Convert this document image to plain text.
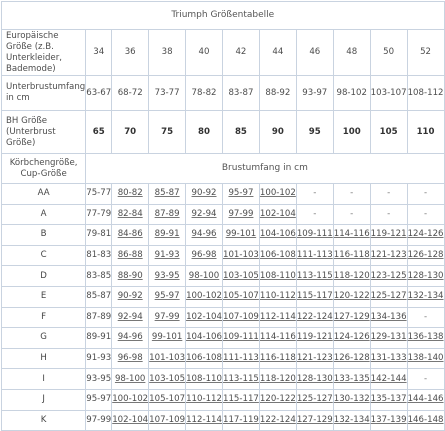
Triumph Größentabelle										
Europäische Größe (z.B. Unterkleider, Bademode)	34	36	38	40	42	44	46	48	50	52
Unterbrustumfang in cm	63-67	68-72	73-77	78-82	83-87	88-92	93-97	98-102	103-107	108-112
BH Größe (Unterbrust Größe)	65	70	75	80	85	90	95	100	105	110
Körbchengröße, Cup-Größe	Brustumfang in cm									
AA	75-77	80-82	85-87	90-92	95-97	100-102	-	-	-	-
A	77-79	82-84	87-89	92-94	97-99	102-104	-	-	-	-
B	79-81	84-86	89-91	94-96	99-101	104-106	109-111	114-116	119-121	124-126
C	81-83	86-88	91-93	96-98	101-103	106-108	111-113	116-118	121-123	126-128
D	83-85	88-90	93-95	98-100	103-105	108-110	113-115	118-120	123-125	128-130
E	85-87	90-92	95-97	100-102	105-107	110-112	115-117	120-122	125-127	132-134
F	87-89	92-94	97-99	102-104	107-109	112-114	122-124	127-129	134-136	-
G	89-91	94-96	99-101	104-106	109-111	114-116	119-121	124-126	129-131	136-138
H	91-93	96-98	101-103	106-108	111-113	116-118	121-123	126-128	131-133	138-140
I	93-95	98-100	103-105	108-110	113-115	118-120	128-130	133-135	142-144	-
J	95-97	100-102	105-107	110-112	115-117	120-122	125-127	130-132	135-137	144-146
K	97-99	102-104	107-109	112-114	117-119	122-124	127-129	132-134	137-139	146-148
